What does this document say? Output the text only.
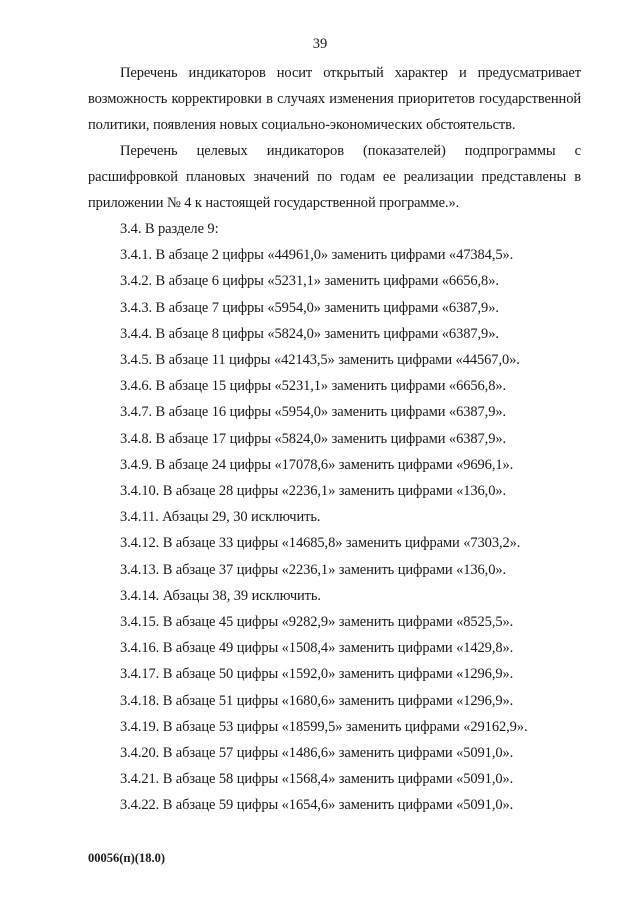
39

Перечень индикаторов носит открытый характер и предусматривает возможность корректировки в случаях изменения приоритетов государственной политики, появления новых социально-экономических обстоятельств.

Перечень целевых индикаторов (показателей) подпрограммы с расшифровкой плановых значений по годам ее реализации представлены в приложении № 4 к настоящей государственной программе.».

3.4. В разделе 9:
3.4.1. В абзаце 2 цифры «44961,0» заменить цифрами «47384,5».
3.4.2. В абзаце 6 цифры «5231,1» заменить цифрами «6656,8».
3.4.3. В абзаце 7 цифры «5954,0» заменить цифрами «6387,9».
3.4.4. В абзаце 8 цифры «5824,0» заменить цифрами «6387,9».
3.4.5. В абзаце 11 цифры «42143,5» заменить цифрами «44567,0».
3.4.6. В абзаце 15 цифры «5231,1» заменить цифрами «6656,8».
3.4.7. В абзаце 16 цифры «5954,0» заменить цифрами «6387,9».
3.4.8. В абзаце 17 цифры «5824,0» заменить цифрами «6387,9».
3.4.9. В абзаце 24 цифры «17078,6» заменить цифрами «9696,1».
3.4.10. В абзаце 28 цифры «2236,1» заменить цифрами «136,0».
3.4.11. Абзацы 29, 30 исключить.
3.4.12. В абзаце 33 цифры «14685,8» заменить цифрами «7303,2».
3.4.13. В абзаце 37 цифры «2236,1» заменить цифрами «136,0».
3.4.14. Абзацы 38, 39 исключить.
3.4.15. В абзаце 45 цифры «9282,9» заменить цифрами «8525,5».
3.4.16. В абзаце 49 цифры «1508,4» заменить цифрами «1429,8».
3.4.17. В абзаце 50 цифры «1592,0» заменить цифрами «1296,9».
3.4.18. В абзаце 51 цифры «1680,6» заменить цифрами «1296,9».
3.4.19. В абзаце 53 цифры «18599,5» заменить цифрами «29162,9».
3.4.20. В абзаце 57 цифры «1486,6» заменить цифрами «5091,0».
3.4.21. В абзаце 58 цифры «1568,4» заменить цифрами «5091,0».
3.4.22. В абзаце 59 цифры «1654,6» заменить цифрами «5091,0».
00056(п)(18.0)
